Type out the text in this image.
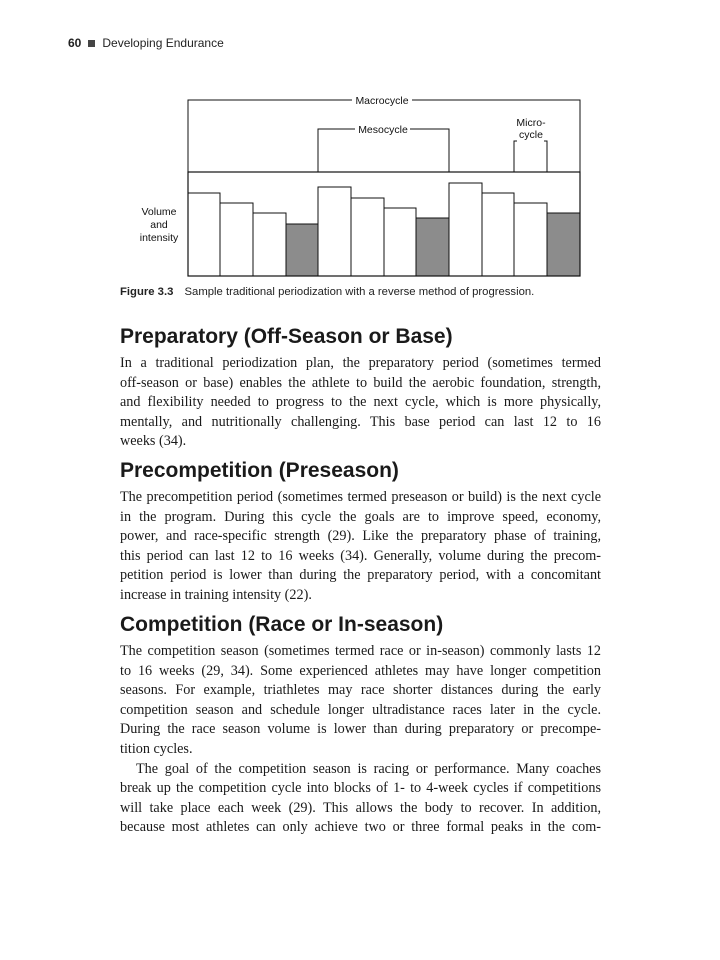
60 Developing Endurance
Macrocycle
Mesocycle
Micro-
cycle
Volume
and
intensity
Figure 3.3 Sample traditional periodization with a reverse method of progression.
Preparatory (Off-Season or Base)

In a traditional periodization plan, the preparatory period (sometimes termed
off-season or base) enables the athlete to build the aerobic foundation, strength,
and flexibility needed to progress to the next cycle, which is more physically,
mentally, and nutritionally challenging. This base period can last 12 to 16
weeks (34).

Precompetition (Preseason)

The precompetition period (sometimes termed preseason or build) is the next cycle
in the program. During this cycle the goals are to improve speed, economy,
power, and race-specific strength (29). Like the preparatory phase of training,
this period can last 12 to 16 weeks (34). Generally, volume during the precom-
petition period is lower than during the preparatory period, with a concomitant
increase in training intensity (22).

Competition (Race or In-season)

The competition season (sometimes termed race or in-season) commonly lasts 12
to 16 weeks (29, 34). Some experienced athletes may have longer competition
seasons. For example, triathletes may race shorter distances during the early
competition season and schedule longer ultradistance races later in the cycle.
During the race season volume is lower than during preparatory or precompe-
tition cycles.

The goal of the competition season is racing or performance. Many coaches
break up the competition cycle into blocks of 1- to 4-week cycles if competitions
will take place each week (29). This allows the body to recover. In addition,
because most athletes can only achieve two or three formal peaks in the com-
